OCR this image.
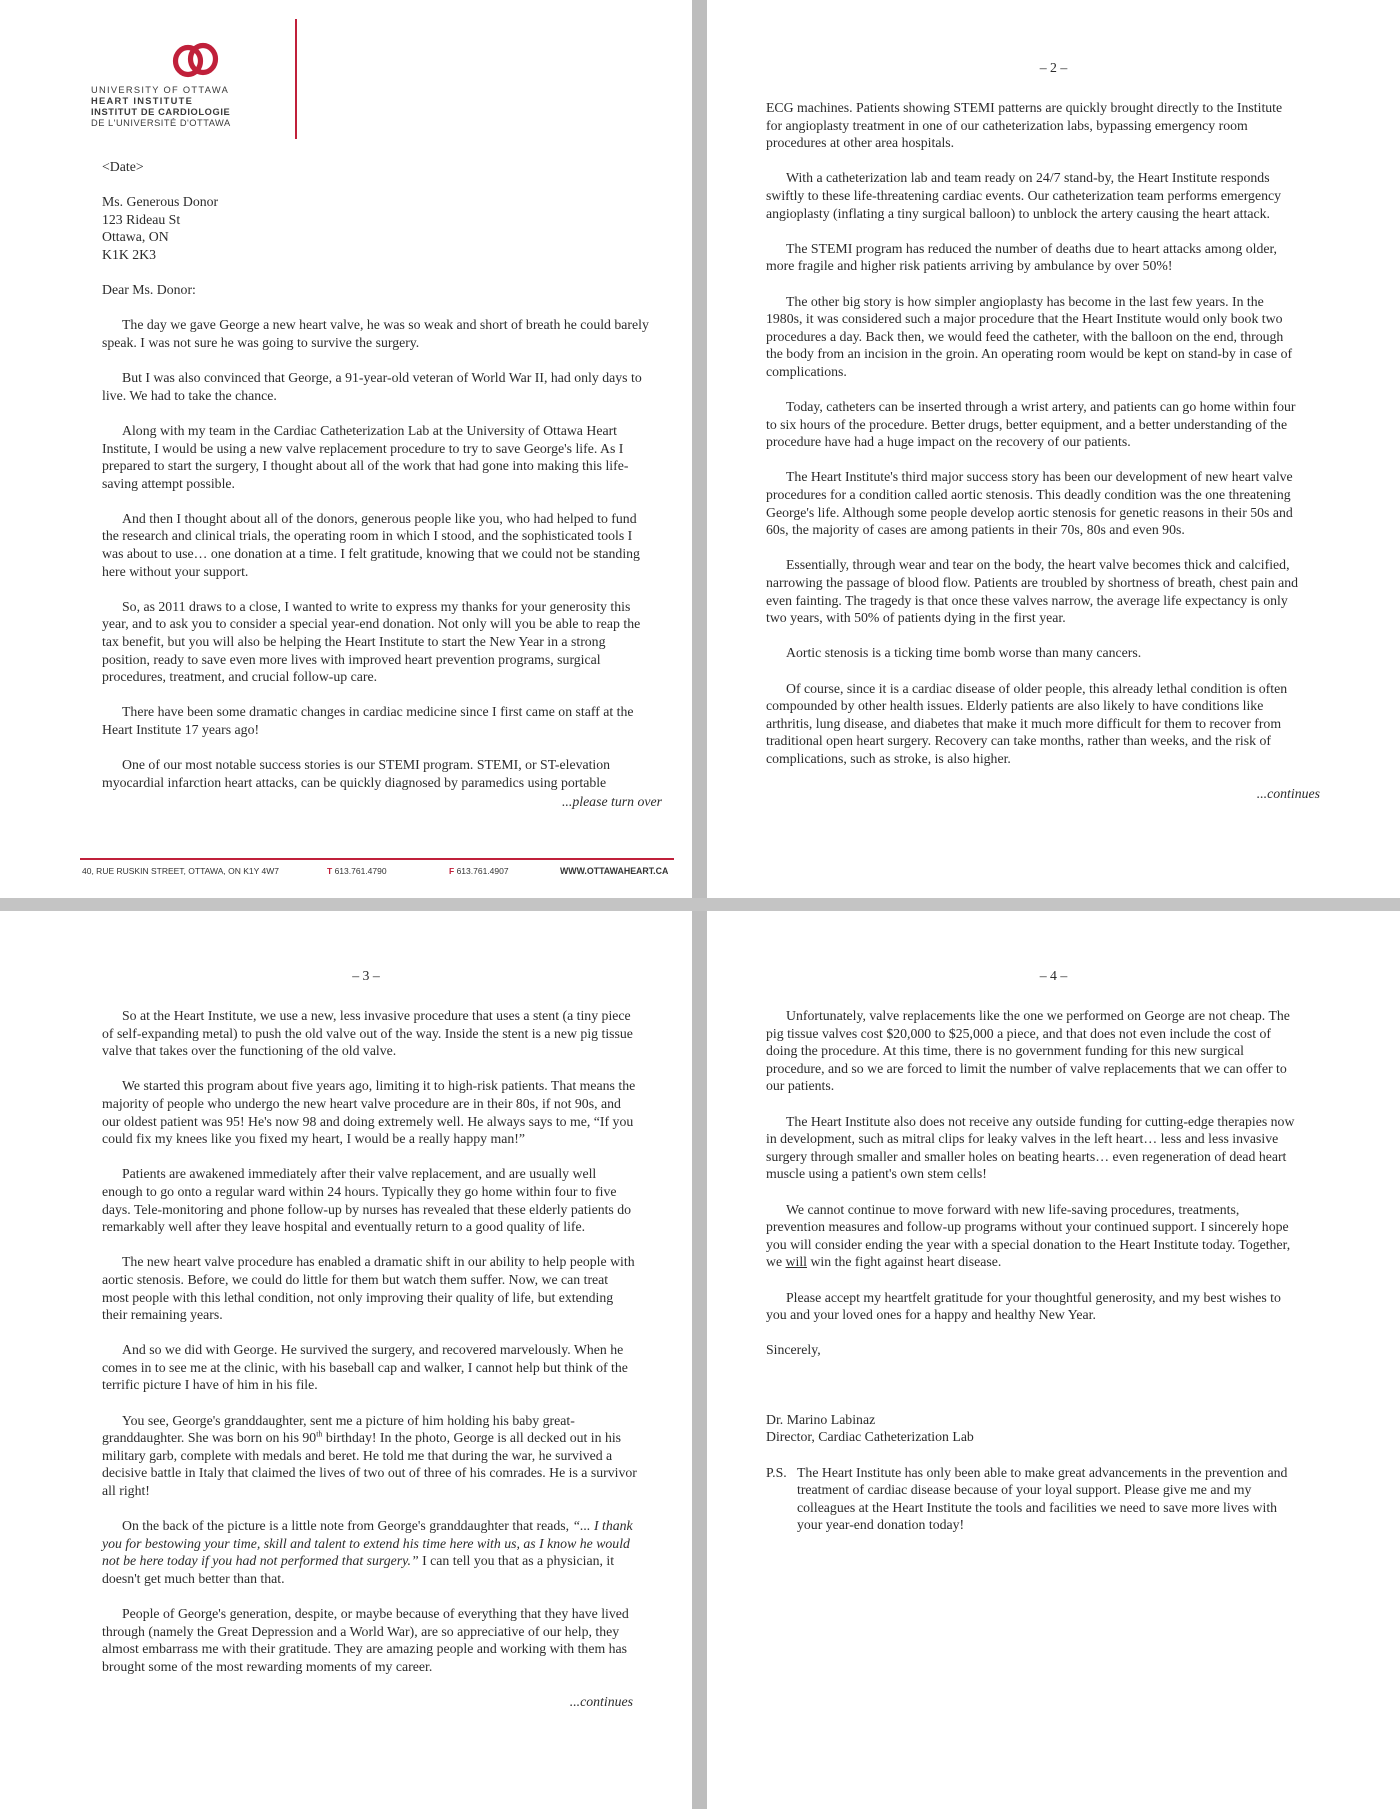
UNIVERSITY OF OTTAWA
HEART INSTITUTE
INSTITUT DE CARDIOLOGIE
DE L'UNIVERSITÉ D'OTTAWA

<Date>

Ms. Generous Donor
123 Rideau St
Ottawa, ON
K1K 2K3

Dear Ms. Donor:

The day we gave George a new heart valve, he was so weak and short of breath he could barely speak. I was not sure he was going to survive the surgery.

But I was also convinced that George, a 91-year-old veteran of World War II, had only days to live. We had to take the chance.

Along with my team in the Cardiac Catheterization Lab at the University of Ottawa Heart Institute, I would be using a new valve replacement procedure to try to save George's life. As I prepared to start the surgery, I thought about all of the work that had gone into making this life-saving attempt possible.

And then I thought about all of the donors, generous people like you, who had helped to fund the research and clinical trials, the operating room in which I stood, and the sophisticated tools I was about to use… one donation at a time. I felt gratitude, knowing that we could not be standing here without your support.

So, as 2011 draws to a close, I wanted to write to express my thanks for your generosity this year, and to ask you to consider a special year-end donation. Not only will you be able to reap the tax benefit, but you will also be helping the Heart Institute to start the New Year in a strong position, ready to save even more lives with improved heart prevention programs, surgical procedures, treatment, and crucial follow-up care.

There have been some dramatic changes in cardiac medicine since I first came on staff at the Heart Institute 17 years ago!

One of our most notable success stories is our STEMI program. STEMI, or ST-elevation myocardial infarction heart attacks, can be quickly diagnosed by paramedics using portable

...please turn over
40, RUE RUSKIN STREET, OTTAWA, ON K1Y 4W7	T 613.761.4790	F 613.761.4907	WWW.OTTAWAHEART.CA
– 2 –

ECG machines. Patients showing STEMI patterns are quickly brought directly to the Institute for angioplasty treatment in one of our catheterization labs, bypassing emergency room procedures at other area hospitals.

With a catheterization lab and team ready on 24/7 stand-by, the Heart Institute responds swiftly to these life-threatening cardiac events. Our catheterization team performs emergency angioplasty (inflating a tiny surgical balloon) to unblock the artery causing the heart attack.

The STEMI program has reduced the number of deaths due to heart attacks among older, more fragile and higher risk patients arriving by ambulance by over 50%!

The other big story is how simpler angioplasty has become in the last few years. In the 1980s, it was considered such a major procedure that the Heart Institute would only book two procedures a day. Back then, we would feed the catheter, with the balloon on the end, through the body from an incision in the groin. An operating room would be kept on stand-by in case of complications.

Today, catheters can be inserted through a wrist artery, and patients can go home within four to six hours of the procedure. Better drugs, better equipment, and a better understanding of the procedure have had a huge impact on the recovery of our patients.

The Heart Institute's third major success story has been our development of new heart valve procedures for a condition called aortic stenosis. This deadly condition was the one threatening George's life. Although some people develop aortic stenosis for genetic reasons in their 50s and 60s, the majority of cases are among patients in their 70s, 80s and even 90s.

Essentially, through wear and tear on the body, the heart valve becomes thick and calcified, narrowing the passage of blood flow. Patients are troubled by shortness of breath, chest pain and even fainting. The tragedy is that once these valves narrow, the average life expectancy is only two years, with 50% of patients dying in the first year.

Aortic stenosis is a ticking time bomb worse than many cancers.

Of course, since it is a cardiac disease of older people, this already lethal condition is often compounded by other health issues. Elderly patients are also likely to have conditions like arthritis, lung disease, and diabetes that make it much more difficult for them to recover from traditional open heart surgery. Recovery can take months, rather than weeks, and the risk of complications, such as stroke, is also higher.

...continues
– 3 –

So at the Heart Institute, we use a new, less invasive procedure that uses a stent (a tiny piece of self-expanding metal) to push the old valve out of the way. Inside the stent is a new pig tissue valve that takes over the functioning of the old valve.

We started this program about five years ago, limiting it to high-risk patients. That means the majority of people who undergo the new heart valve procedure are in their 80s, if not 90s, and our oldest patient was 95! He's now 98 and doing extremely well. He always says to me, “If you could fix my knees like you fixed my heart, I would be a really happy man!”

Patients are awakened immediately after their valve replacement, and are usually well enough to go onto a regular ward within 24 hours. Typically they go home within four to five days. Tele-monitoring and phone follow-up by nurses has revealed that these elderly patients do remarkably well after they leave hospital and eventually return to a good quality of life.

The new heart valve procedure has enabled a dramatic shift in our ability to help people with aortic stenosis. Before, we could do little for them but watch them suffer. Now, we can treat most people with this lethal condition, not only improving their quality of life, but extending their remaining years.

And so we did with George. He survived the surgery, and recovered marvelously. When he comes in to see me at the clinic, with his baseball cap and walker, I cannot help but think of the terrific picture I have of him in his file.

You see, George's granddaughter, sent me a picture of him holding his baby great-granddaughter. She was born on his 90th birthday! In the photo, George is all decked out in his military garb, complete with medals and beret. He told me that during the war, he survived a decisive battle in Italy that claimed the lives of two out of three of his comrades. He is a survivor all right!

On the back of the picture is a little note from George's granddaughter that reads, “... I thank you for bestowing your time, skill and talent to extend his time here with us, as I know he would not be here today if you had not performed that surgery.” I can tell you that as a physician, it doesn't get much better than that.

People of George's generation, despite, or maybe because of everything that they have lived through (namely the Great Depression and a World War), are so appreciative of our help, they almost embarrass me with their gratitude. They are amazing people and working with them has brought some of the most rewarding moments of my career.

...continues
– 4 –

Unfortunately, valve replacements like the one we performed on George are not cheap. The pig tissue valves cost $20,000 to $25,000 a piece, and that does not even include the cost of doing the procedure. At this time, there is no government funding for this new surgical procedure, and so we are forced to limit the number of valve replacements that we can offer to our patients.

The Heart Institute also does not receive any outside funding for cutting-edge therapies now in development, such as mitral clips for leaky valves in the left heart… less and less invasive surgery through smaller and smaller holes on beating hearts… even regeneration of dead heart muscle using a patient's own stem cells!

We cannot continue to move forward with new life-saving procedures, treatments, prevention measures and follow-up programs without your continued support. I sincerely hope you will consider ending the year with a special donation to the Heart Institute today. Together, we will win the fight against heart disease.

Please accept my heartfelt gratitude for your thoughtful generosity, and my best wishes to you and your loved ones for a happy and healthy New Year.

Sincerely,

Dr. Marino Labinaz
Director, Cardiac Catheterization Lab

P.S. The Heart Institute has only been able to make great advancements in the prevention and treatment of cardiac disease because of your loyal support. Please give me and my colleagues at the Heart Institute the tools and facilities we need to save more lives with your year-end donation today!
